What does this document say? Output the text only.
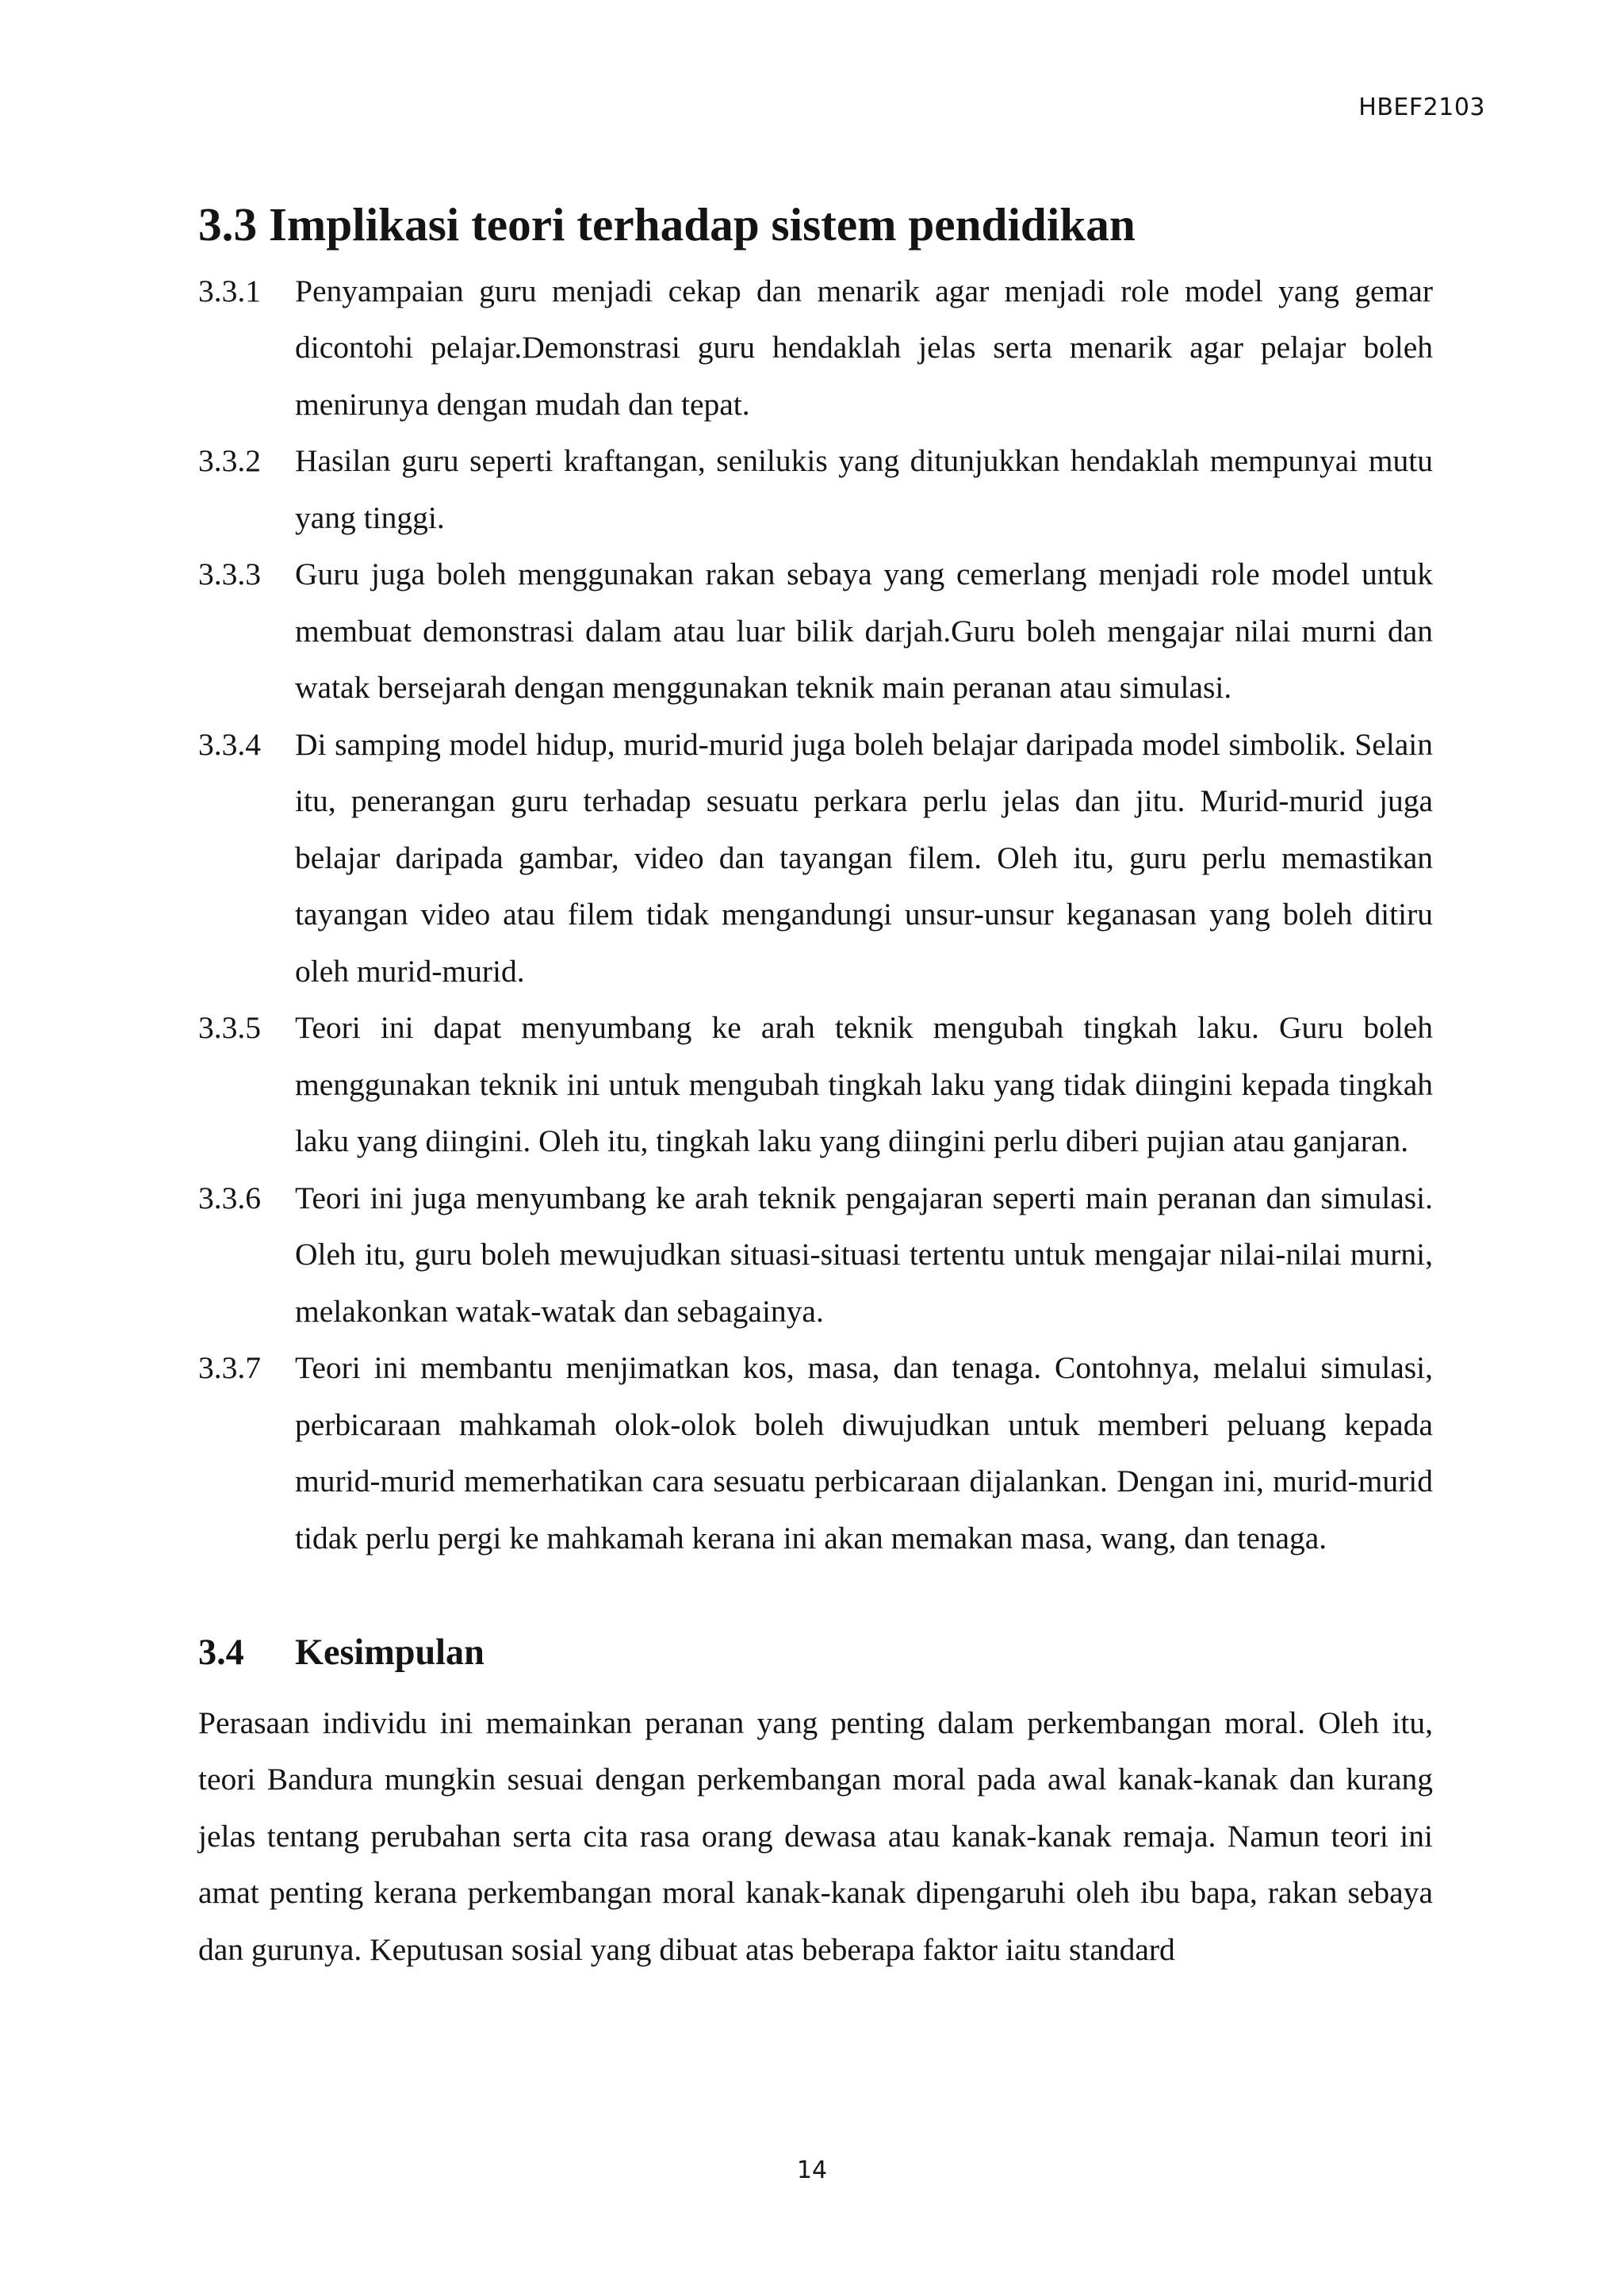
HBEF2103

3.3 Implikasi teori terhadap sistem pendidikan
3.3.1	Penyampaian guru menjadi cekap dan menarik agar menjadi role model yang gemar dicontohi pelajar.Demonstrasi guru hendaklah jelas serta menarik agar pelajar boleh menirunya dengan mudah dan tepat.

3.3.2	Hasilan guru seperti kraftangan, senilukis yang ditunjukkan hendaklah mempunyai mutu yang tinggi.

3.3.3	Guru juga boleh menggunakan rakan sebaya yang cemerlang menjadi role model untuk membuat demonstrasi dalam atau luar bilik darjah.Guru boleh mengajar nilai murni dan watak bersejarah dengan menggunakan teknik main peranan atau simulasi.

3.3.4	Di samping model hidup, murid-murid juga boleh belajar daripada model simbolik. Selain itu, penerangan guru terhadap sesuatu perkara perlu jelas dan jitu. Murid-murid juga belajar daripada gambar, video dan tayangan filem. Oleh itu, guru perlu memastikan tayangan video atau filem tidak mengandungi unsur-unsur keganasan yang boleh ditiru oleh murid-murid.

3.3.5	Teori ini dapat menyumbang ke arah teknik mengubah tingkah laku. Guru boleh menggunakan teknik ini untuk mengubah tingkah laku yang tidak diingini kepada tingkah laku yang diingini. Oleh itu, tingkah laku yang diingini perlu diberi pujian atau ganjaran.

3.3.6	Teori ini juga menyumbang ke arah teknik pengajaran seperti main peranan dan simulasi. Oleh itu, guru boleh mewujudkan situasi-situasi tertentu untuk mengajar nilai-nilai murni, melakonkan watak-watak dan sebagainya.

3.3.7	Teori ini membantu menjimatkan kos, masa, dan tenaga. Contohnya, melalui simulasi, perbicaraan mahkamah olok-olok boleh diwujudkan untuk memberi peluang kepada murid-murid memerhatikan cara sesuatu perbicaraan dijalankan. Dengan ini, murid-murid tidak perlu pergi ke mahkamah kerana ini akan memakan masa, wang, dan tenaga.

3.4	Kesimpulan

Perasaan individu ini memainkan peranan yang penting dalam perkembangan moral. Oleh itu, teori Bandura mungkin sesuai dengan perkembangan moral pada awal kanak-kanak dan kurang jelas tentang perubahan serta cita rasa orang dewasa atau kanak-kanak remaja. Namun teori ini amat penting kerana perkembangan moral kanak-kanak dipengaruhi oleh ibu bapa, rakan sebaya dan gurunya. Keputusan sosial yang dibuat atas beberapa faktor iaitu standard

14
